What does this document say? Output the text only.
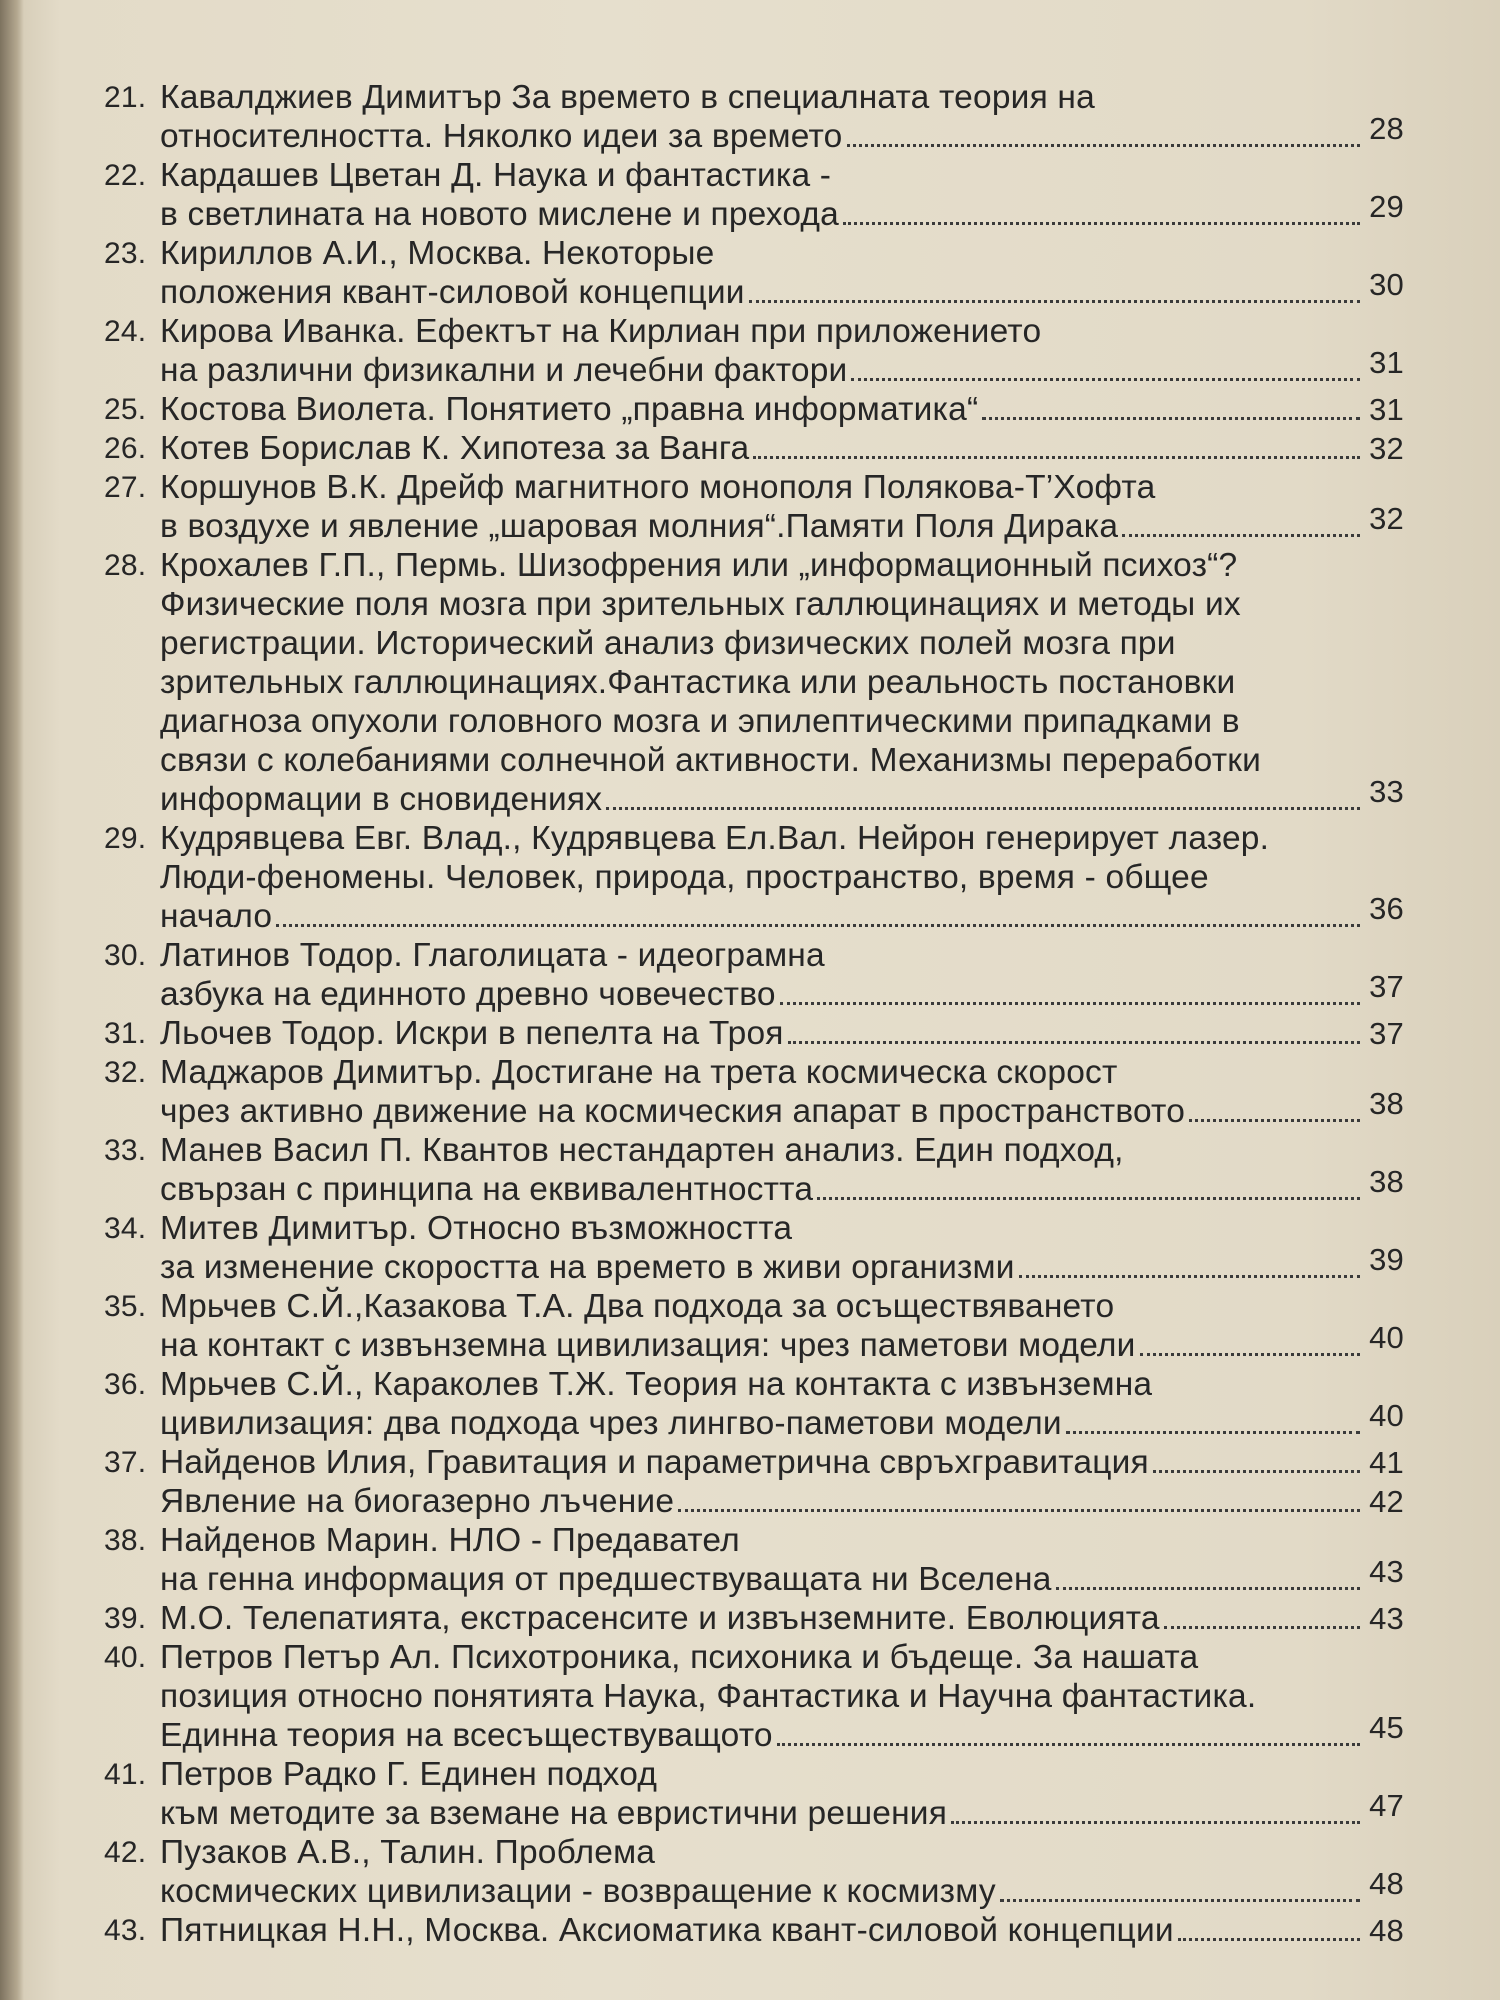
21. Кавалджиев Димитър За времето в специалната теория на
относителността. Няколко идеи за времето	28
22. Кардашев Цветан Д. Наука и фантастика -
в светлината на новото мислене и прехода	29
23. Кириллов А.И., Москва. Некоторые
положения квант-силовой концепции	30
24. Кирова Иванка. Ефектът на Кирлиан при приложението
на различни физикални и лечебни фактори	31
25. Костова Виолета. Понятието „правна информатика“	31
26. Котев Борислав К. Хипотеза за Ванга	32
27. Коршунов В.К. Дрейф магнитного монополя Полякова-Т’Хофта
в воздухе и явление „шаровая молния“.Памяти Поля Дирака	32
28. Крохалев Г.П., Пермь. Шизофрения или „информационный психоз“?
Физические поля мозга при зрительных галлюцинациях и методы их
регистрации. Исторический анализ физических полей мозга при
зрительных галлюцинациях.Фантастика или реальность постановки
диагноза опухоли головного мозга и эпилептическими припадками в
связи с колебаниями солнечной активности. Механизмы переработки
информации в сновидениях	33
29. Кудрявцева Евг. Влад., Кудрявцева Ел.Вал. Нейрон генерирует лазер.
Люди-феномены. Человек, природа, пространство, время - общее
начало	36
30. Латинов Тодор. Глаголицата - идеограмна
азбука на единното древно човечество	37
31. Льочев Тодор. Искри в пепелта на Троя	37
32. Маджаров Димитър. Достигане на трета космическа скорост
чрез активно движение на космическия апарат в пространството	38
33. Манев Васил П. Квантов нестандартен анализ. Един подход,
свързан с принципа на еквивалентността	38
34. Митев Димитър. Относно възможността
за изменение скоростта на времето в живи организми	39
35. Мрьчев С.Й.,Казакова Т.А. Два подхода за осъществяването
на контакт с извънземна цивилизация: чрез паметови модели	40
36. Мрьчев С.Й., Караколев Т.Ж. Теория на контакта с извънземна
цивилизация: два подхода чрез лингво-паметови модели	40
37. Найденов Илия, Гравитация и параметрична свръхгравитация	41
Явление на биогазерно лъчение	42
38. Найденов Марин. НЛО - Предавател
на генна информация от предшествуващата ни Вселена	43
39. М.О. Телепатията, екстрасенсите и извънземните. Еволюцията	43
40. Петров Петър Ал. Психотроника, психоника и бъдеще. За нашата
позиция относно понятията Наука, Фантастика и Научна фантастика.
Единна теория на всесъществуващото	45
41. Петров Радко Г. Единен подход
към методите за вземане на евристични решения	47
42. Пузаков А.В., Талин. Проблема
космических цивилизации - возвращение к космизму	48
43. Пятницкая Н.Н., Москва. Аксиоматика квант-силовой концепции	48
